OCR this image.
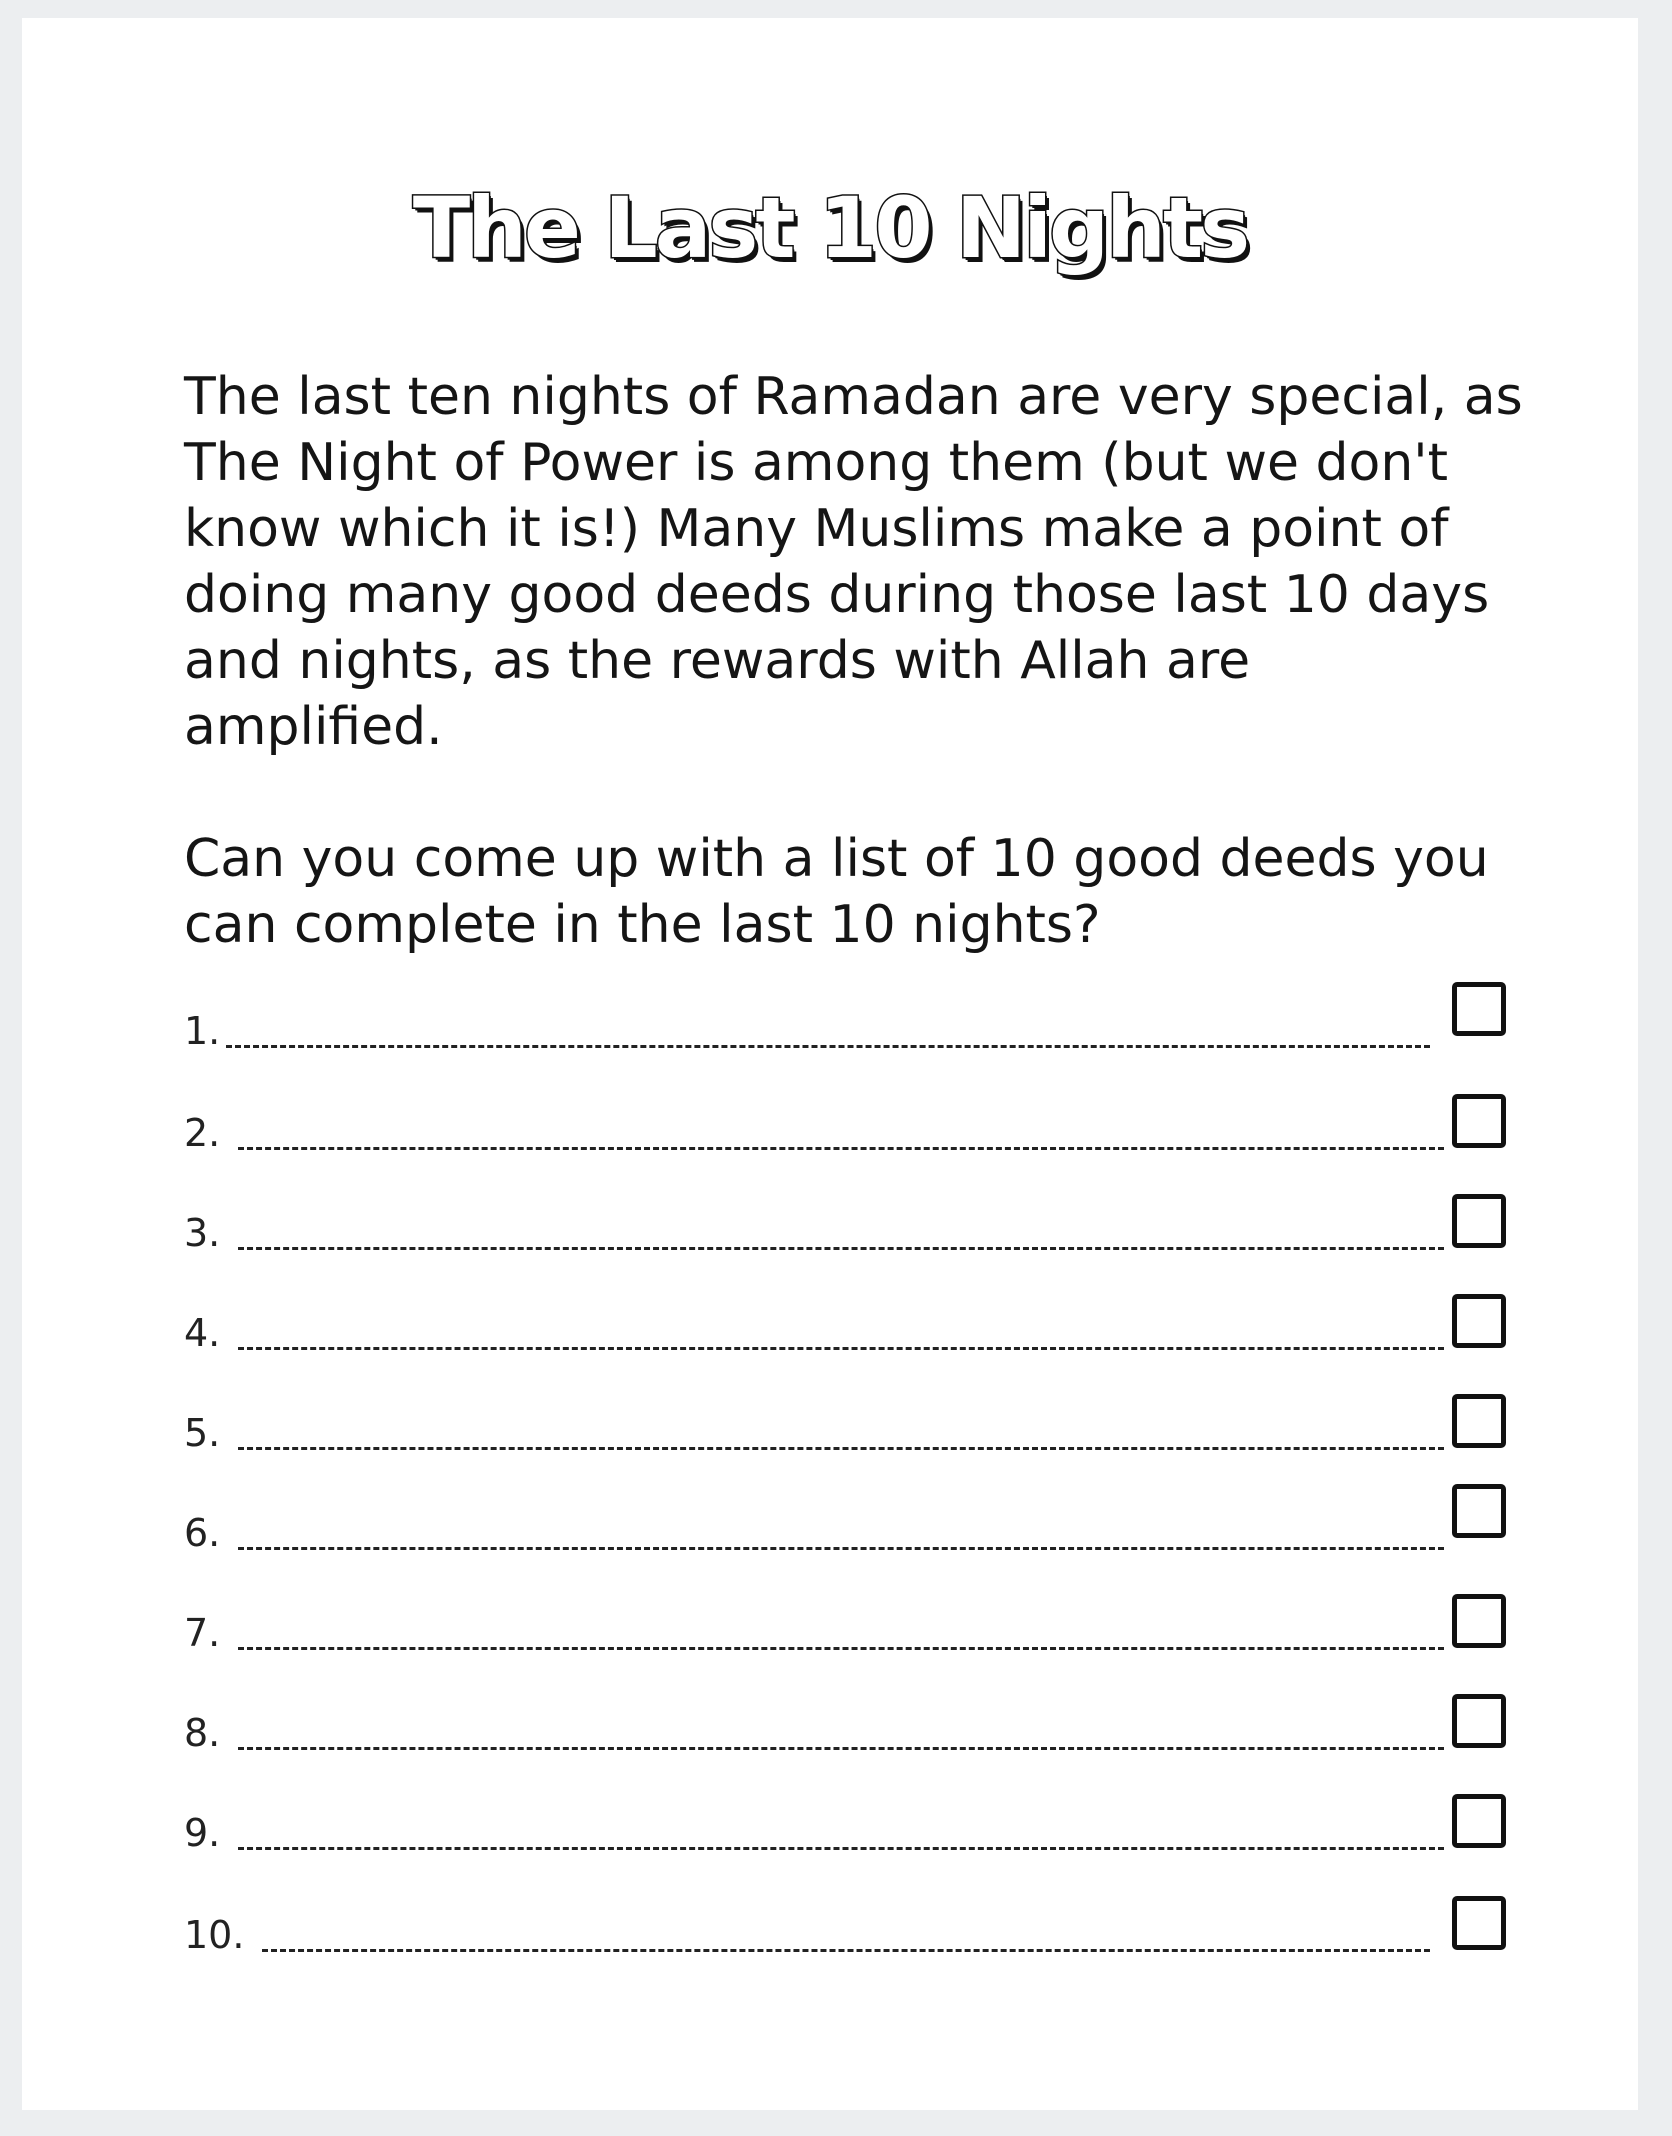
The Last 10 Nights

The last ten nights of Ramadan are very special, as The Night of Power is among them (but we don't know which it is!) Many Muslims make a point of doing many good deeds during those last 10 days and nights, as the rewards with Allah are amplified.

Can you come up with a list of 10 good deeds you can complete in the last 10 nights?

1.
2.
3.
4.
5.
6.
7.
8.
9.
10.
